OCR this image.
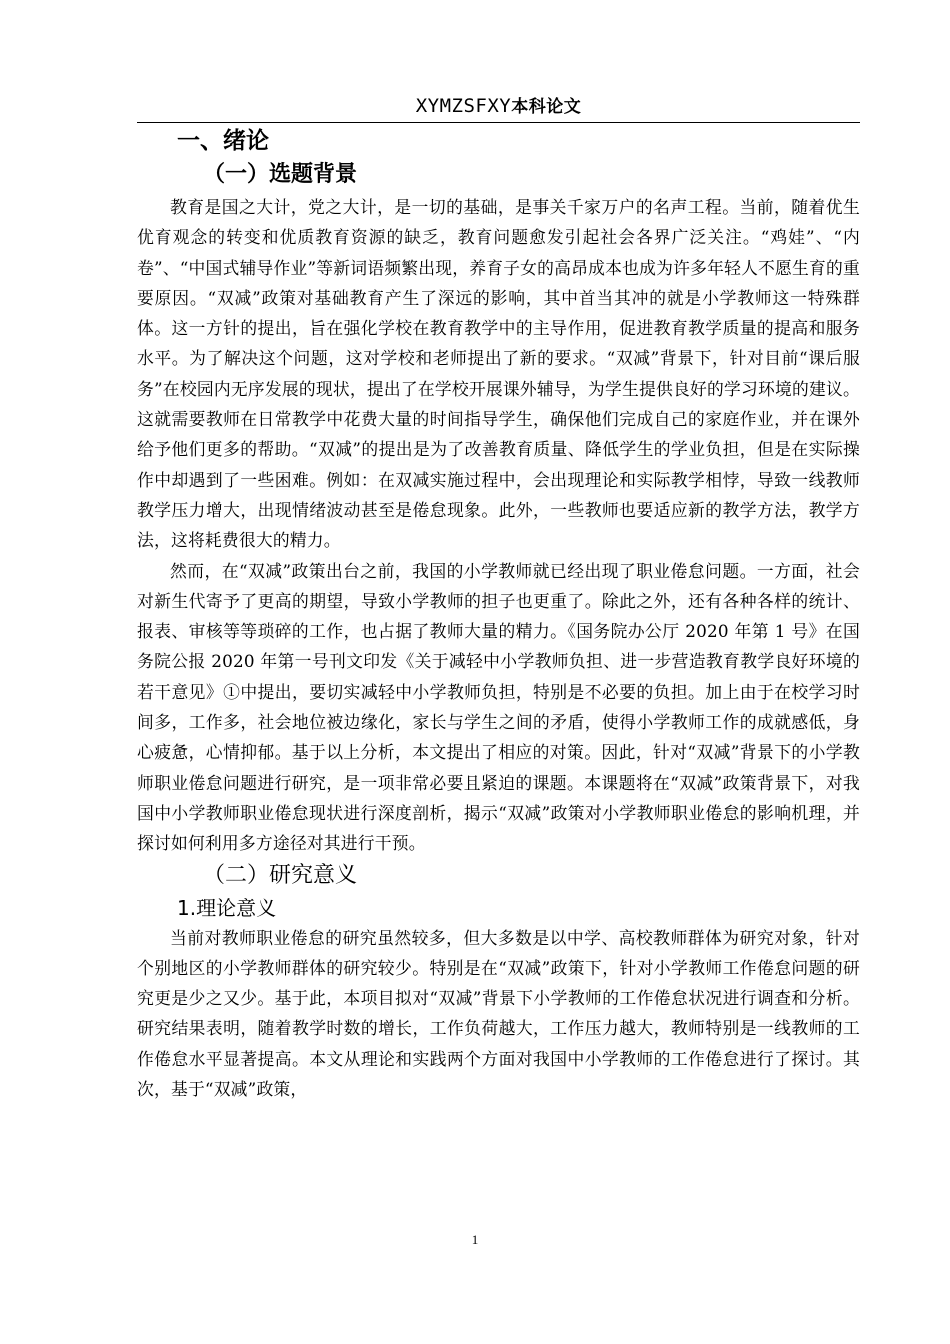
XYMZSFXY本科论文
一、绪论
（一）选题背景

教育是国之大计，党之大计，是一切的基础，是事关千家万户的名声工程。当前，随着优生优育观念的转变和优质教育资源的缺乏，教育问题愈发引起社会各界广泛关注。“鸡娃”、“内卷”、“中国式辅导作业”等新词语频繁出现，养育子女的高昂成本也成为许多年轻人不愿生育的重要原因。“双减”政策对基础教育产生了深远的影响，其中首当其冲的就是小学教师这一特殊群体。这一方针的提出，旨在强化学校在教育教学中的主导作用，促进教育教学质量的提高和服务水平。为了解决这个问题，这对学校和老师提出了新的要求。“双减”背景下，针对目前“课后服务”在校园内无序发展的现状，提出了在学校开展课外辅导，为学生提供良好的学习环境的建议。这就需要教师在日常教学中花费大量的时间指导学生，确保他们完成自己的家庭作业，并在课外给予他们更多的帮助。“双减”的提出是为了改善教育质量、降低学生的学业负担，但是在实际操作中却遇到了一些困难。例如：在双减实施过程中，会出现理论和实际教学相悖，导致一线教师教学压力增大，出现情绪波动甚至是倦怠现象。此外，一些教师也要适应新的教学方法，教学方法，这将耗费很大的精力。

然而，在“双减”政策出台之前，我国的小学教师就已经出现了职业倦怠问题。一方面，社会对新生代寄予了更高的期望，导致小学教师的担子也更重了。除此之外，还有各种各样的统计、报表、审核等等琐碎的工作，也占据了教师大量的精力。《国务院办公厅 2020 年第 1 号》在国务院公报 2020 年第一号刊文印发《关于减轻中小学教师负担、进一步营造教育教学良好环境的若干意见》①中提出，要切实减轻中小学教师负担，特别是不必要的负担。加上由于在校学习时间多，工作多，社会地位被边缘化，家长与学生之间的矛盾，使得小学教师工作的成就感低，身心疲惫，心情抑郁。基于以上分析，本文提出了相应的对策。因此，针对“双减”背景下的小学教师职业倦怠问题进行研究，是一项非常必要且紧迫的课题。本课题将在“双减”政策背景下，对我国中小学教师职业倦怠现状进行深度剖析，揭示“双减”政策对小学教师职业倦怠的影响机理，并探讨如何利用多方途径对其进行干预。

（二）研究意义
1.理论意义

当前对教师职业倦怠的研究虽然较多，但大多数是以中学、高校教师群体为研究对象，针对个别地区的小学教师群体的研究较少。特别是在“双减”政策下，针对小学教师工作倦怠问题的研究更是少之又少。基于此，本项目拟对“双减”背景下小学教师的工作倦怠状况进行调查和分析。研究结果表明，随着教学时数的增长，工作负荷越大，工作压力越大，教师特别是一线教师的工作倦怠水平显著提高。本文从理论和实践两个方面对我国中小学教师的工作倦怠进行了探讨。其次，基于“双减”政策，

1
